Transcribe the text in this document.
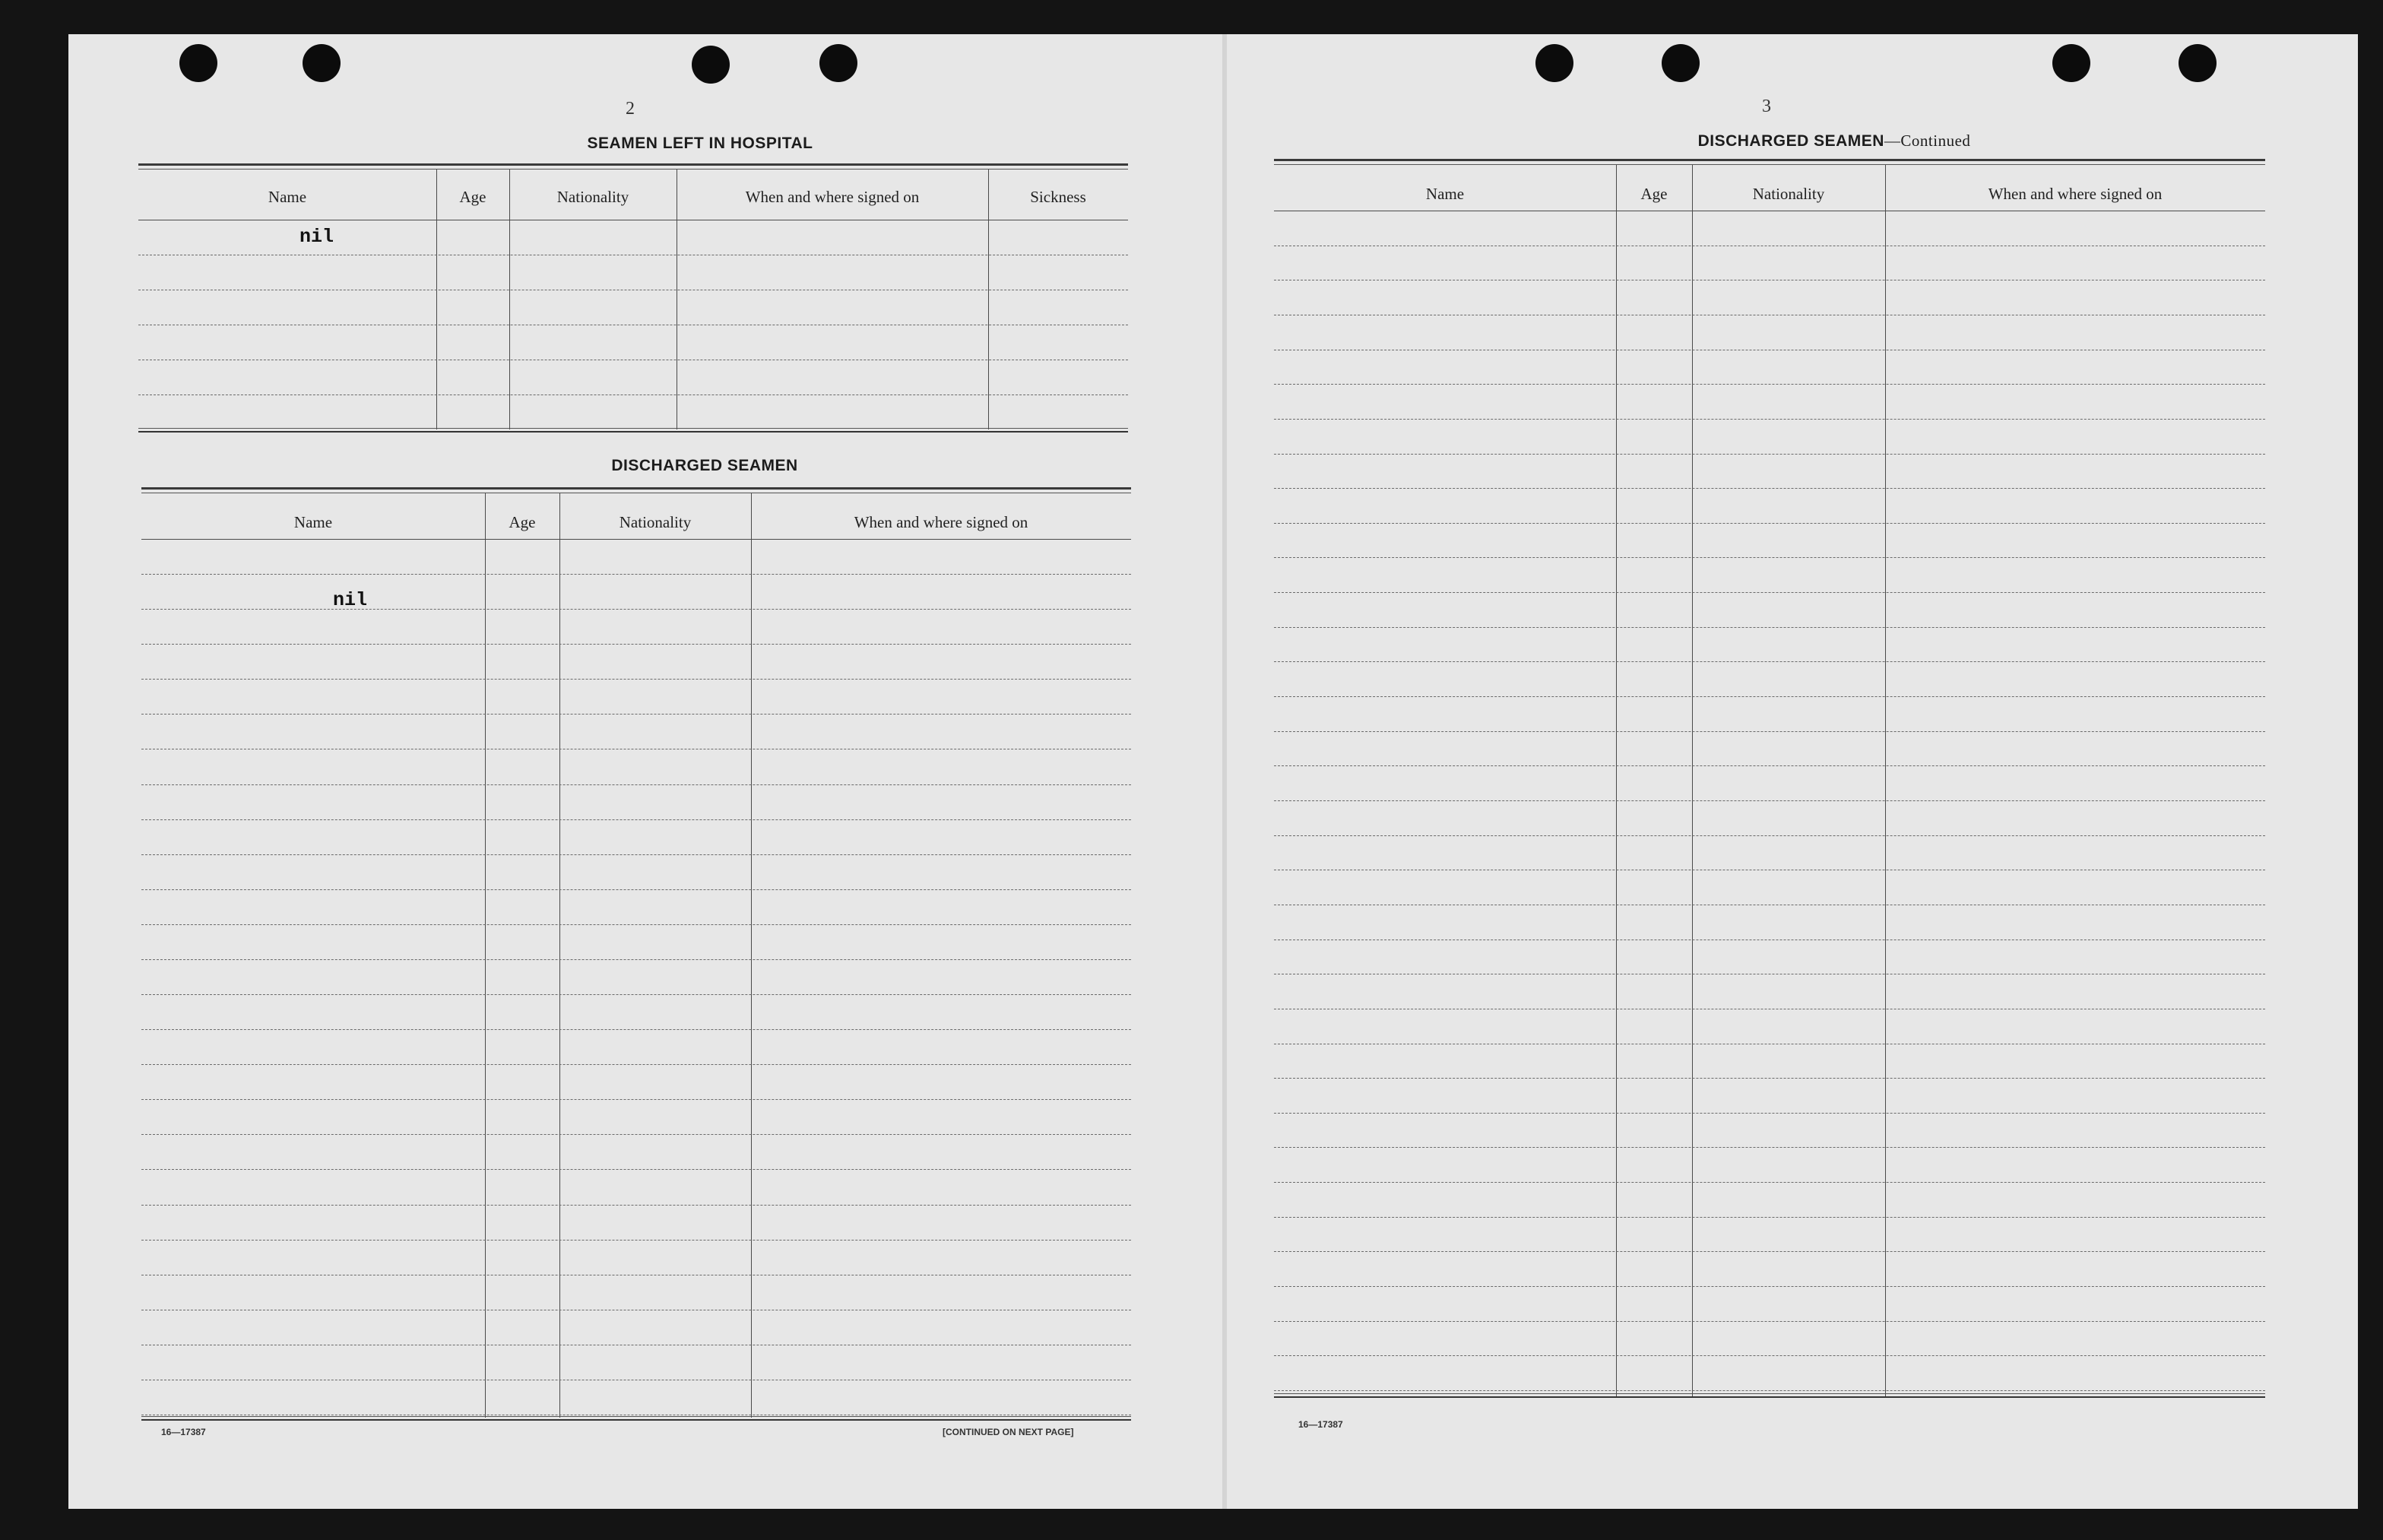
2
SEAMEN LEFT IN HOSPITAL
Name	Age	Nationality	When and where signed on	Sickness
nil
DISCHARGED SEAMEN
Name	Age	Nationality	When and where signed on
nil
16—17387	[CONTINUED ON NEXT PAGE]
3
DISCHARGED SEAMEN—Continued
Name	Age	Nationality	When and where signed on
16—17387
